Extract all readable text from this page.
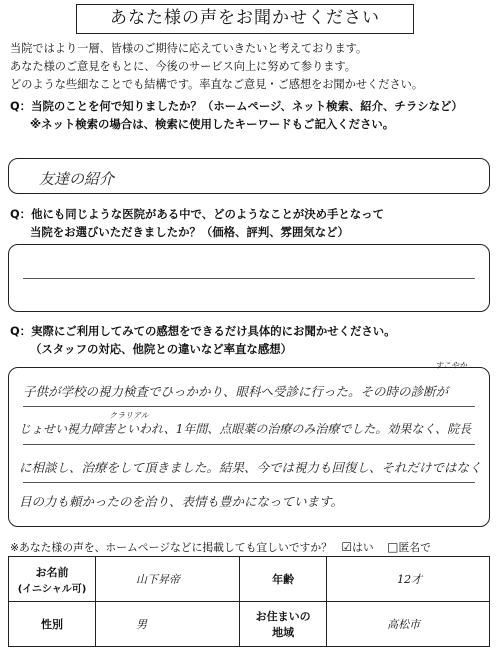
あなた様の声をお聞かせください
当院ではより一層、皆様のご期待に応えていきたいと考えております。
あなた様のご意見をもとに、今後のサービス向上に努めて参ります。
どのような些細なことでも結構です。率直なご意見・ご感想をお聞かせください。
Q：当院のことを何で知りましたか？（ホームページ、ネット検索、紹介、チラシなど）
※ネット検索の場合は、検索に使用したキーワードもご記入ください。
友達の紹介
Q：他にも同じような医院がある中で、どのようなことが決め手となって
当院をお選びいただきましたか？（価格、評判、雰囲気など）
Q：実際にご利用してみての感想をできるだけ具体的にお聞かせください。
（スタッフの対応、他院との違いなど率直な感想）
すこやか
クラリアル
子供が学校の視力検査でひっかかり、眼科へ受診に行った。その時の診断が
じょせい視力障害といわれ、1年間、点眼薬の治療のみ治療でした。効果なく、院長
に相談し、治療をして頂きました。結果、今では視力も回復し、それだけではなく
目の力も頼かったのを治り、表情も豊かになっています。
※あなた様の声を、ホームページなどに掲載しても宜しいですか？ ☑はい □匿名で
お名前
(イニシャル可)	山下昇帝	年齢	12才
性別	男	お住まいの
地域	高松市
